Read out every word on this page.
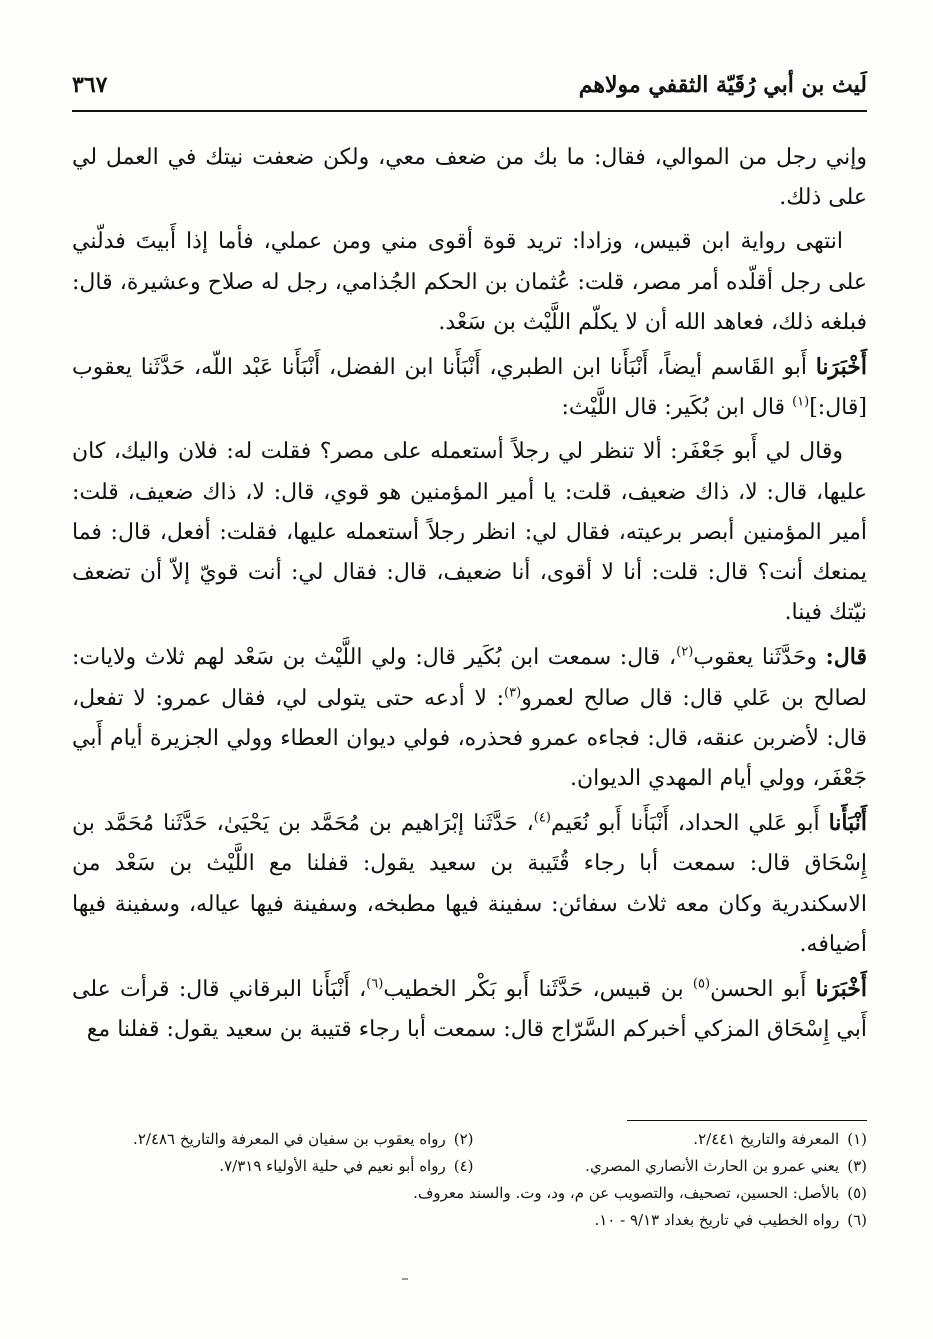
لَيث بن أبي رُقَيّة الثقفي مولاهم
٣٦٧

وإني رجل من الموالي، فقال: ما بك من ضعف معي، ولكن ضعفت نيتك في العمل لي على ذلك.

انتهى رواية ابن قبيس، وزادا: تريد قوة أقوى مني ومن عملي، فأما إذا أَبيتَ فدلّني على رجل أقلّده أمر مصر، قلت: عُثمان بن الحكم الجُذامي، رجل له صلاح وعشيرة، قال: فبلغه ذلك، فعاهد الله أن لا يكلّم اللَّيْث بن سَعْد.

أَخْبَرَنا أَبو القَاسم أيضاً، أَنْبَأَنا ابن الطبري، أَنْبَأَنا ابن الفضل، أَنْبَأَنا عَبْد اللّه، حَدَّثَنا يعقوب [قال:]$^{(١)}$ قال ابن بُكَير: قال اللَّيْث:

وقال لي أَبو جَعْفَر: ألا تنظر لي رجلاً أستعمله على مصر؟ فقلت له: فلان واليك، كان عليها، قال: لا، ذاك ضعيف، قلت: يا أمير المؤمنين هو قوي، قال: لا، ذاك ضعيف، قلت: أمير المؤمنين أبصر برعيته، فقال لي: انظر رجلاً أستعمله عليها، فقلت: أفعل، قال: فما يمنعك أنت؟ قال: قلت: أنا لا أقوى، أنا ضعيف، قال: فقال لي: أنت قويّ إلاّ أن تضعف نيّتك فينا.

قال: وحَدَّثَنا يعقوب$^{(٢)}$، قال: سمعت ابن بُكَير قال: ولي اللَّيْث بن سَعْد لهم ثلاث ولايات: لصالح بن عَلي قال: قال صالح لعمرو$^{(٣)}$: لا أدعه حتى يتولى لي، فقال عمرو: لا تفعل، قال: لأضربن عنقه، قال: فجاءه عمرو فحذره، فولي ديوان العطاء وولي الجزيرة أيام أَبي جَعْفَر، وولي أيام المهدي الديوان.

أَنْبَأَنا أَبو عَلي الحداد، أَنْبَأَنا أَبو نُعَيم$^{(٤)}$، حَدَّثَنا إبْرَاهيم بن مُحَمَّد بن يَحْيَىٰ، حَدَّثَنا مُحَمَّد بن إِسْحَاق قال: سمعت أبا رجاء قُتَيبة بن سعيد يقول: قفلنا مع اللَّيْث بن سَعْد من الاسكندرية وكان معه ثلاث سفائن: سفينة فيها مطبخه، وسفينة فيها عياله، وسفينة فيها أضيافه.

أَخْبَرَنا أَبو الحسن$^{(٥)}$ بن قبيس، حَدَّثَنا أَبو بَكْر الخطيب$^{(٦)}$، أَنْبَأَنا البرقاني قال: قرأت على أَبي إِسْحَاق المزكي أخبركم السَّرّاج قال: سمعت أبا رجاء قتيبة بن سعيد يقول: قفلنا مع

(١)المعرفة والتاريخ ٢/٤٤١.
(٢)رواه يعقوب بن سفيان في المعرفة والتاريخ ٢/٤٨٦.
(٣)يعني عمرو بن الحارث الأنصاري المصري.
(٤)رواه أبو نعيم في حلية الأولياء ٧/٣١٩.
(٥)بالأصل: الحسين، تصحيف، والتصويب عن م، ود، وت. والسند معروف.
(٦)رواه الخطيب في تاريخ بغداد ٩/١٣ - ١٠.
